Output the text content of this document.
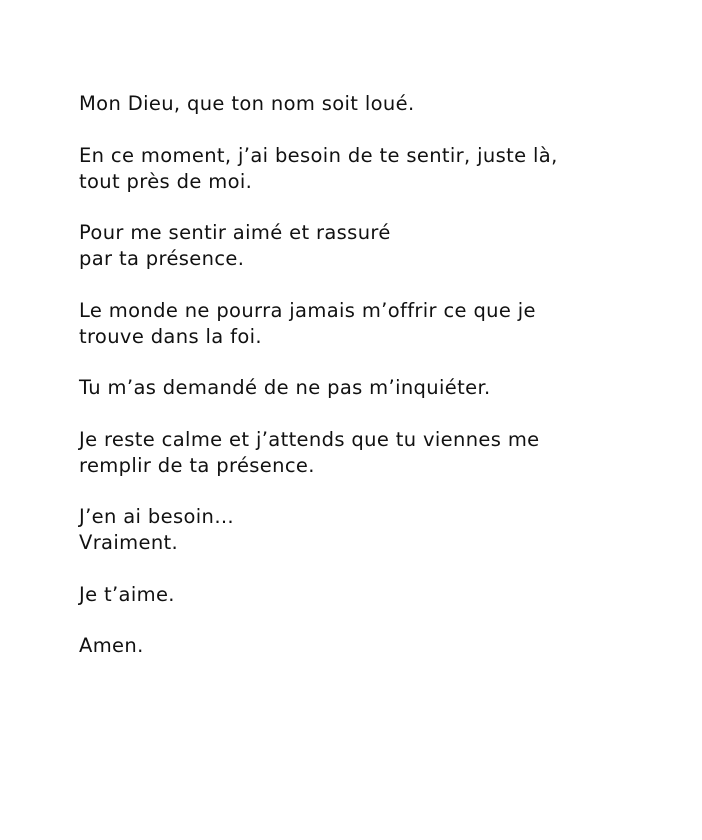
Mon Dieu, que ton nom soit loué.

En ce moment, j’ai besoin de te sentir, juste là,
tout près de moi.

Pour me sentir aimé et rassuré
par ta présence.

Le monde ne pourra jamais m’offrir ce que je
trouve dans la foi.

Tu m’as demandé de ne pas m’inquiéter.

Je reste calme et j’attends que tu viennes me
remplir de ta présence.

J’en ai besoin…
Vraiment.

Je t’aime.

Amen.
